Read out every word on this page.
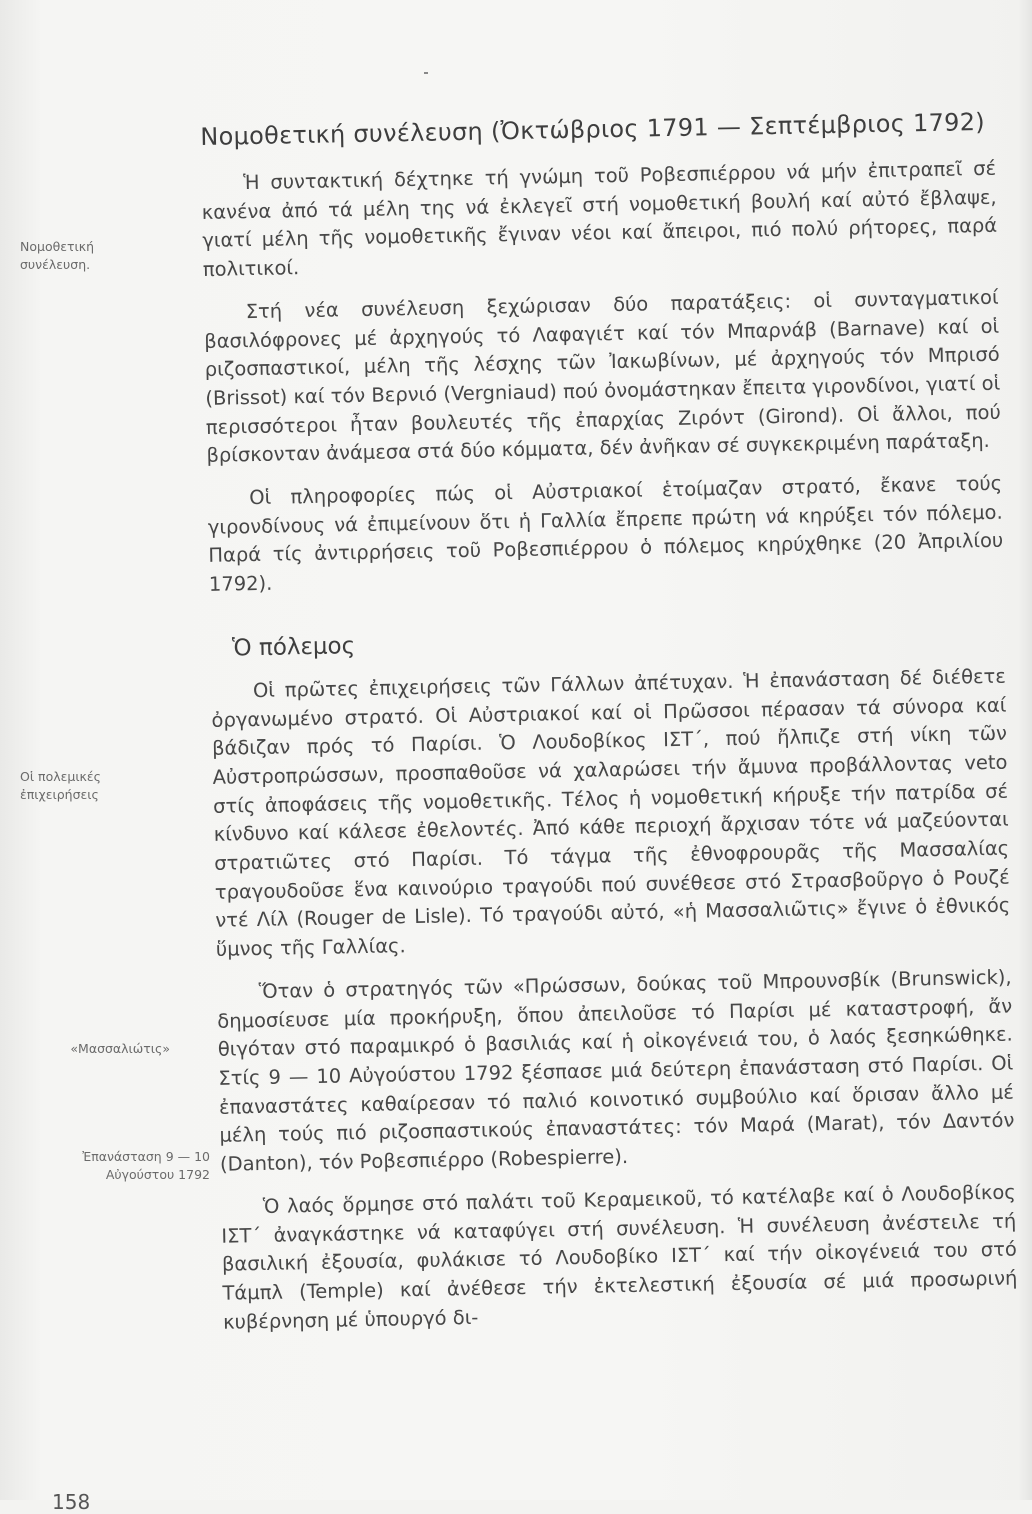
Νομοθετική συνέλευση.
Οἱ πολεμικές ἐπιχειρήσεις
«Μασσαλιώτις»
Ἐπανάσταση 9 — 10 Αὐγούστου 1792
Νομοθετική συνέλευση (Ὀκτώβριος 1791 — Σεπτέμβριος 1792)

Ἡ συντακτική δέχτηκε τή γνώμη τοῦ Ροβεσπιέρρου νά μήν ἐπιτραπεῖ σέ κανένα ἀπό τά μέλη της νά ἐκλεγεῖ στή νομοθετική βουλή καί αὐτό ἔβλαψε, γιατί μέλη τῆς νομοθετικῆς ἔγιναν νέοι καί ἄπειροι, πιό πολύ ρήτορες, παρά πολιτικοί.

Στή νέα συνέλευση ξεχώρισαν δύο παρατάξεις: οἱ συνταγματικοί βασιλόφρονες μέ ἀρχηγούς τό Λαφαγιέτ καί τόν Μπαρνάβ (Barnave) καί οἱ ριζοσπαστικοί, μέλη τῆς λέσχης τῶν Ἰακωβίνων, μέ ἀρχηγούς τόν Μπρισό (Brissot) καί τόν Βερνιό (Vergniaud) πού ὀνομάστηκαν ἔπειτα γιρονδίνοι, γιατί οἱ περισσότεροι ἦταν βουλευτές τῆς ἐπαρχίας Ζιρόντ (Girond). Οἱ ἄλλοι, πού βρίσκονταν ἀνάμεσα στά δύο κόμματα, δέν ἀνῆκαν σέ συγκεκριμένη παράταξη.

Οἱ πληροφορίες πώς οἱ Αὐστριακοί ἑτοίμαζαν στρατό, ἔκανε τούς γιρονδίνους νά ἐπιμείνουν ὅτι ἡ Γαλλία ἔπρεπε πρώτη νά κηρύξει τόν πόλεμο. Παρά τίς ἀντιρρήσεις τοῦ Ροβεσπιέρρου ὁ πόλεμος κηρύχθηκε (20 Ἀπριλίου 1792).

Ὁ πόλεμος

Οἱ πρῶτες ἐπιχειρήσεις τῶν Γάλλων ἀπέτυχαν. Ἡ ἐπανάσταση δέ διέθετε ὀργανωμένο στρατό. Οἱ Αὐστριακοί καί οἱ Πρῶσσοι πέρασαν τά σύνορα καί βάδιζαν πρός τό Παρίσι. Ὁ Λουδοβίκος ΙΣΤ΄, πού ἤλπιζε στή νίκη τῶν Αὐστροπρώσσων, προσπαθοῦσε νά χαλαρώσει τήν ἄμυνα προβάλλοντας veto στίς ἀποφάσεις τῆς νομοθετικῆς. Τέλος ἡ νομοθετική κήρυξε τήν πατρίδα σέ κίνδυνο καί κάλεσε ἐθελοντές. Ἀπό κάθε περιοχή ἄρχισαν τότε νά μαζεύονται στρατιῶτες στό Παρίσι. Τό τάγμα τῆς ἐθνοφρουρᾶς τῆς Μασσαλίας τραγουδοῦσε ἕνα καινούριο τραγούδι πού συνέθεσε στό Στρασβοῦργο ὁ Ρουζέ ντέ Λίλ (Rouger de Lisle). Τό τραγούδι αὐτό, «ἡ Μασσαλιῶτις» ἔγινε ὁ ἐθνικός ὕμνος τῆς Γαλλίας.

Ὅταν ὁ στρατηγός τῶν «Πρώσσων, δούκας τοῦ Μπρουνσβίκ (Brunswick), δημοσίευσε μία προκήρυξη, ὅπου ἀπειλοῦσε τό Παρίσι μέ καταστροφή, ἄν θιγόταν στό παραμικρό ὁ βασιλιάς καί ἡ οἰκογένειά του, ὁ λαός ξεσηκώθηκε. Στίς 9 — 10 Αὐγούστου 1792 ξέσπασε μιά δεύτερη ἐπανάσταση στό Παρίσι. Οἱ ἐπαναστάτες καθαίρεσαν τό παλιό κοινοτικό συμβούλιο καί ὅρισαν ἄλλο μέ μέλη τούς πιό ριζοσπαστικούς ἐπαναστάτες: τόν Μαρά (Marat), τόν Δαντόν (Danton), τόν Ροβεσπιέρρο (Robespierre).

Ὁ λαός ὅρμησε στό παλάτι τοῦ Κεραμεικοῦ, τό κατέλαβε καί ὁ Λουδοβίκος ΙΣΤ΄ ἀναγκάστηκε νά καταφύγει στή συνέλευση. Ἡ συνέλευση ἀνέστειλε τή βασιλική ἐξουσία, φυλάκισε τό Λουδοβίκο ΙΣΤ΄ καί τήν οἰκογένειά του στό Τάμπλ (Temple) καί ἀνέθεσε τήν ἐκτελεστική ἐξουσία σέ μιά προσωρινή κυβέρνηση μέ ὑπουργό δι-

158
